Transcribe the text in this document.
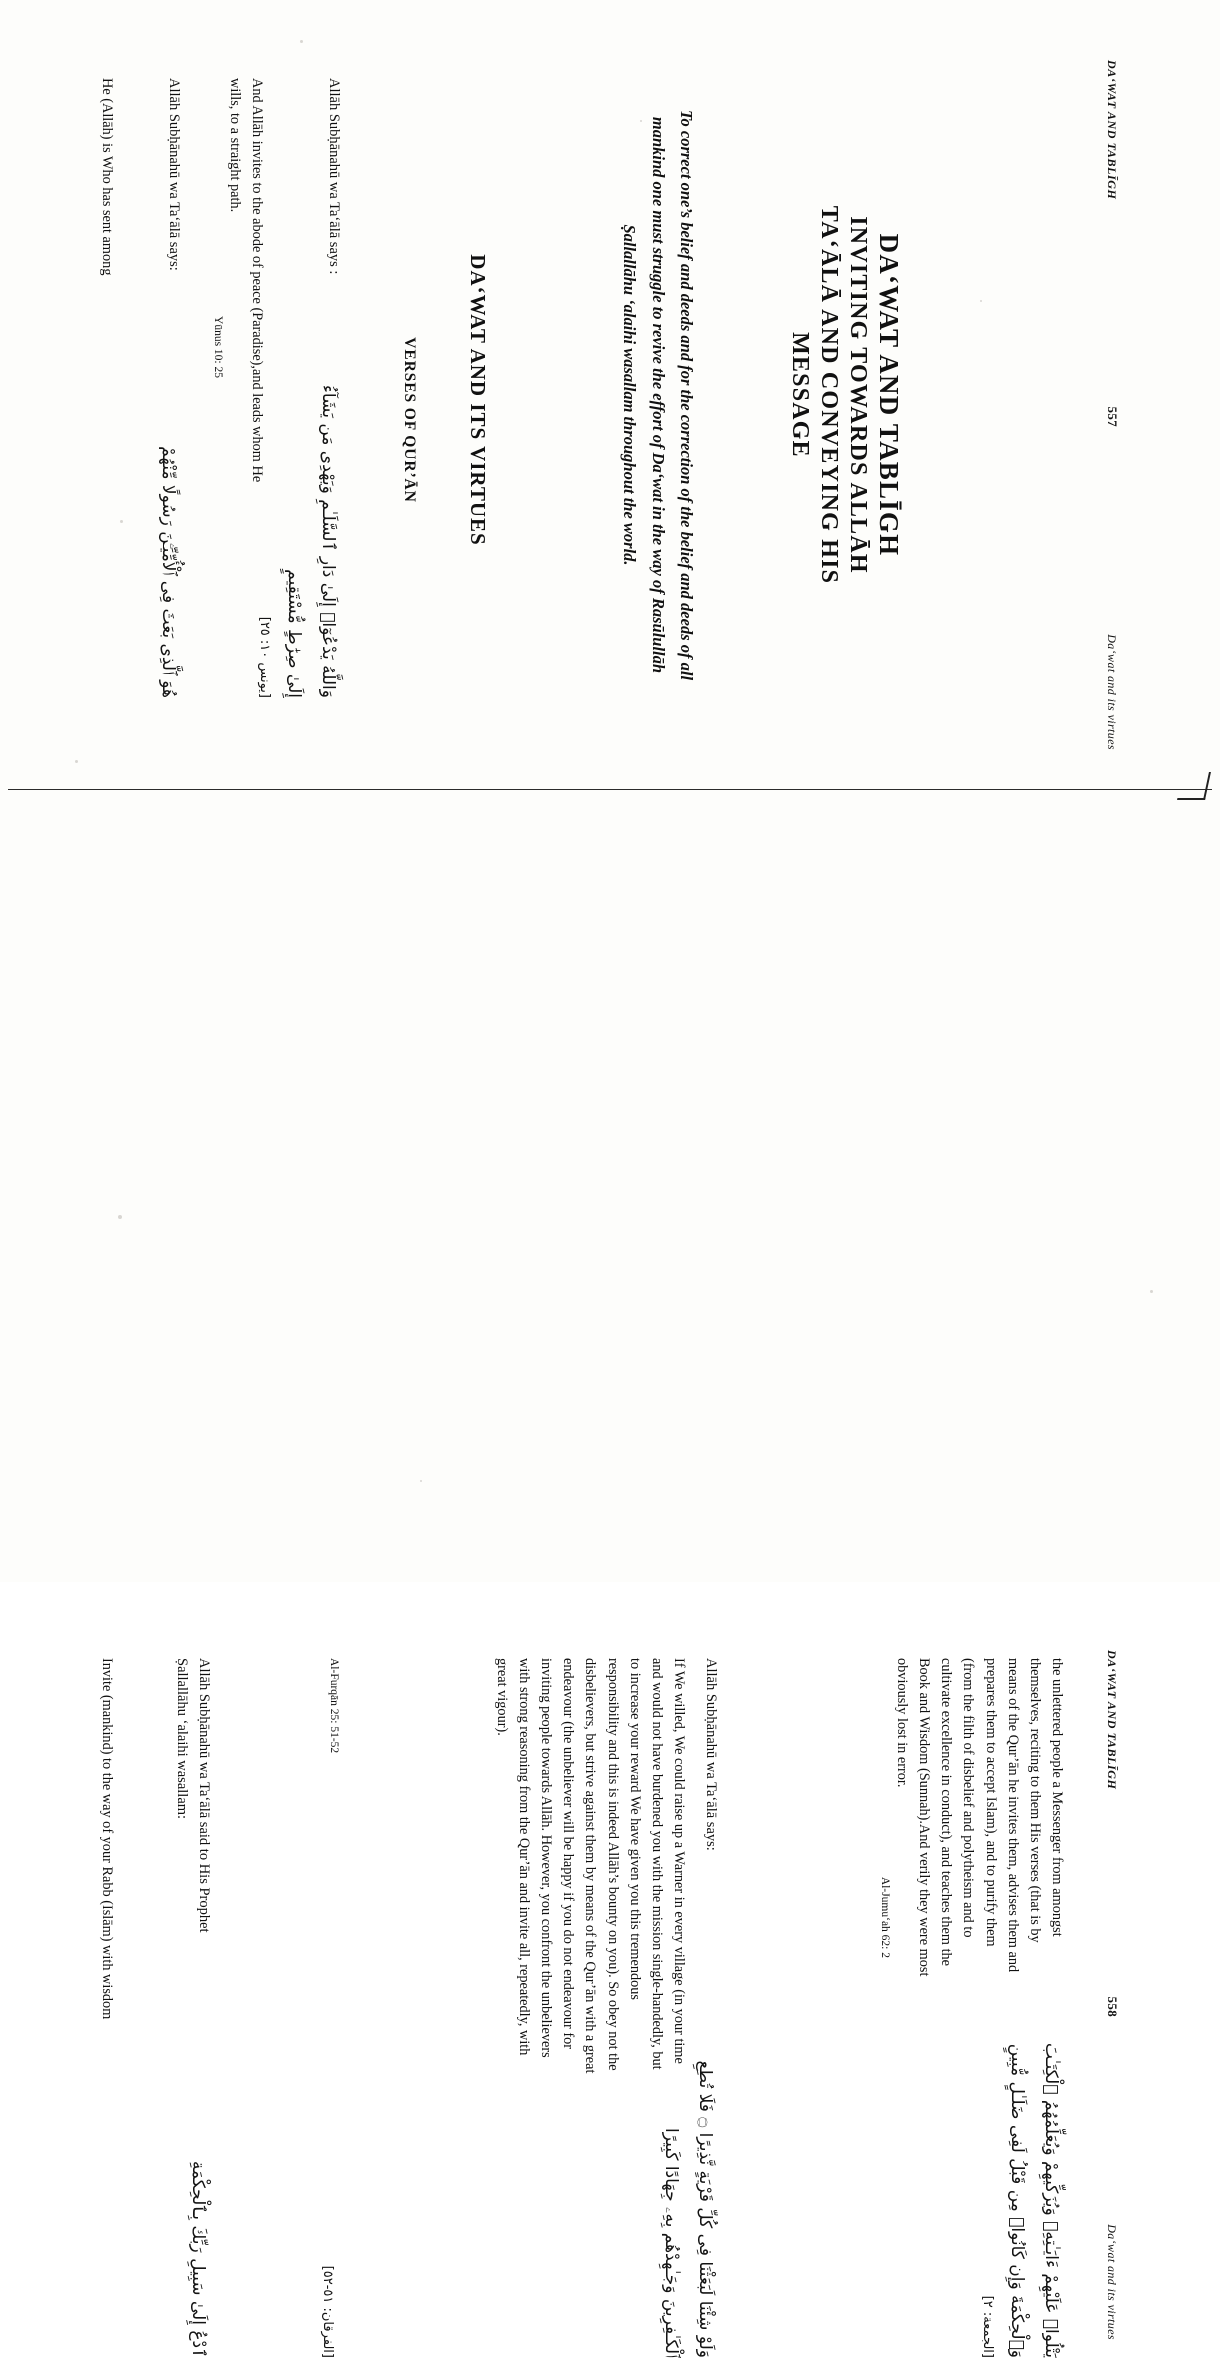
DA‘WAT AND TABLĪGH
557
Da‘wat and its virtues
DA‘WAT AND TABLĪGH
INVITING TOWARDS ALLĀH
TA‘ĀLĀ AND CONVEYING HIS
MESSAGE
To correct one’s belief and deeds and for the correction of the belief and deeds of all mankind one must struggle to revive the effort of Da‘wat in the way of Rasūlullāh Ṣallallāhu ‘alaihi wasallam throughout the world.
DA‘WAT AND ITS VIRTUES
VERSES OF QUR’ĀN
Allāh Subḥānahū wa Ta‘ālā says :
وَاللَّهُ يَدْعُوٓا۟ إِلَىٰ دَارِ ٱلسَّلَـٰمِ وَيَهْدِى مَن يَشَآءُ إِلَىٰ صِرَٰطٍ مُّسْتَقِيمٍ
[يونس ١٠: ٢٥]
And Allāh invites to the abode of peace (Paradise),and leads whom He wills, to a straight path.
Yūnus 10: 25
Allāh Subḥānahū wa Ta‘ālā says:
هُوَ ٱلَّذِى بَعَثَ فِى ٱلْأُمِّيِّـۧنَ رَسُولًا مِّنْهُمْ
He (Allāh) is Who has sent among
DA‘WAT AND TABLĪGH
558
Da‘wat and its virtues
the unlettered people a Messenger from amongst themselves, reciting to them His verses (that is by means of the Qur’ān he invites them, advises them and prepares them to accept Islam), and to purify them (from the filth of disbelief and polytheism and to cultivate excellence in conduct), and teaches them the Book and Wisdom (Sunnah).And verily they were most obviously lost in error.
Al-Jumu‘ah 62: 2
يَتْلُوا۟ عَلَيْهِمْ ءَايَـٰتِهِۦ وَيُزَكِّيهِمْ وَيُعَلِّمُهُمُ ٱلْكِتَـٰبَ وَٱلْحِكْمَةَ وَإِن كَانُوا۟ مِن قَبْلُ لَفِى ضَلَـٰلٍ مُّبِينٍ
[الجمعة: ٢]
Allāh Subḥānahū wa Ta‘ālā says:
وَلَوْ شِئْنَا لَبَعَثْنَا فِى كُلِّ قَرْيَةٍ نَّذِيرًا ۝ فَلَا تُطِعِ ٱلْكَـٰفِرِينَ وَجَـٰهِدْهُم بِهِۦ جِهَادًا كَبِيرًا
If We willed, We could raise up a Warner in every village (in your time and would not have burdened you with the mission single-handedly, but to increase your reward We have given you this tremendous responsibility and this is indeed Allāh’s bounty on you). So obey not the disbelievers, but strive against them by means of the Qur’ān with a great endeavour (the unbeliever will be happy if you do not endeavour for inviting people towards Allāh. However, you confront the unbelievers with strong reasoning from the Qur’ān and invite all, repeatedly, with great vigour).
Al-Furqān 25: 51-52
[الفرقان: ٥١-٥٢]
Allāh Subḥānahū wa Ta‘ālā said to His Prophet Ṣallallāhu ‘alaihi wasallam:
ٱدْعُ إِلَىٰ سَبِيلِ رَبِّكَ بِٱلْحِكْمَةِ
Invite (mankind) to the way of your Rabb (Islām) with wisdom
